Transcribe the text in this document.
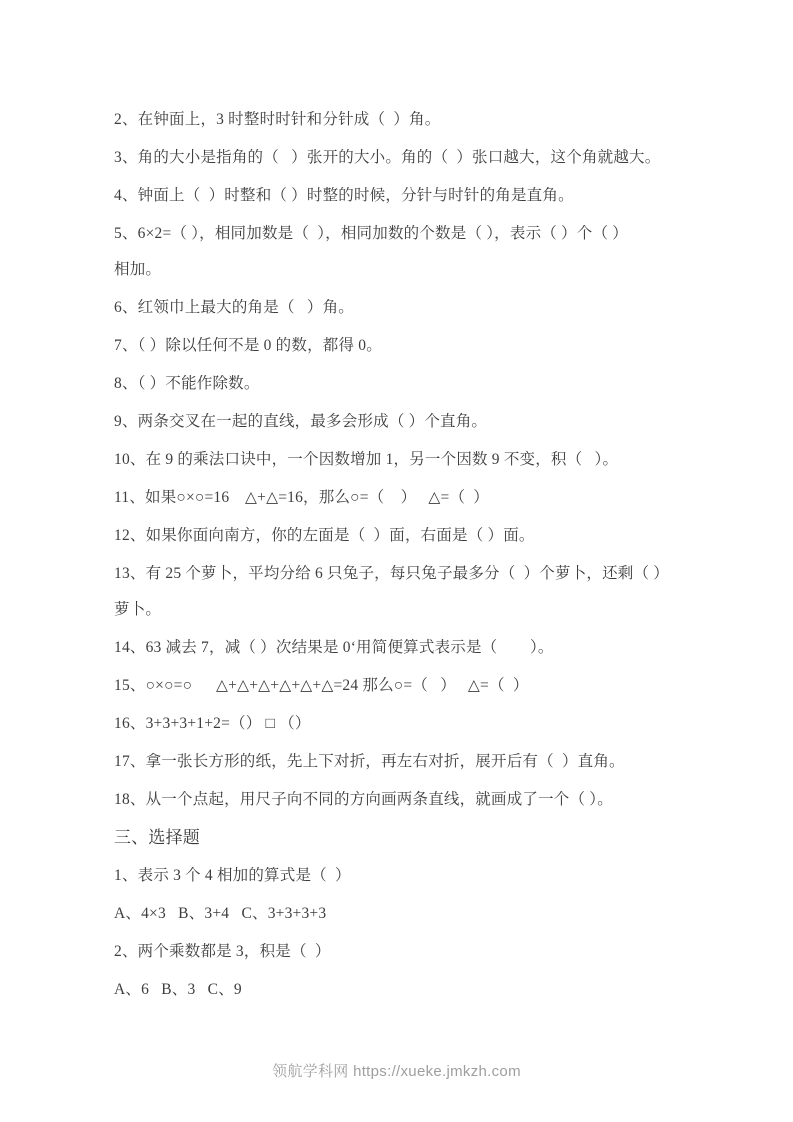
2、在钟面上，3 时整时时针和分针成（  ）角。
3、角的大小是指角的（   ）张开的大小。角的（  ）张口越大，这个角就越大。
4、钟面上（  ）时整和（ ）时整的时候，分针与时针的角是直角。
5、6×2=（ ），相同加数是（  ），相同加数的个数是（ ），表示（ ）个（ ）
相加。
6、红领巾上最大的角是（   ）角。
7、（ ）除以任何不是 0 的数，都得 0。
8、（ ）不能作除数。
9、两条交叉在一起的直线，最多会形成（ ）个直角。
10、在 9 的乘法口诀中，一个因数增加 1，另一个因数 9 不变，积（   ）。
11、如果○×○=16　△+△=16，那么○=（    ）　 △=（  ）
12、如果你面向南方，你的左面是（  ）面，右面是（ ）面。
13、有 25 个萝卜，平均分给 6 只兔子，每只兔子最多分（  ）个萝卜，还剩（ ）
萝卜。
14、63 减去 7，减（ ）次结果是 0‘用简便算式表示是（        ）。
15、○×○=○　  △+△+△+△+△+△=24 那么○=（   ）　 △=（  ）
16、3+3+3+1+2=（） □ （）
17、拿一张长方形的纸，先上下对折，再左右对折，展开后有（  ）直角。
18、从一个点起，用尺子向不同的方向画两条直线，就画成了一个（ ）。
三、选择题
1、表示 3 个 4 相加的算式是（  ）
A、4×3   B、3+4   C、3+3+3+3
2、两个乘数都是 3，积是（  ）
A、6   B、3   C、9
领航学科网 https://xueke.jmkzh.com
